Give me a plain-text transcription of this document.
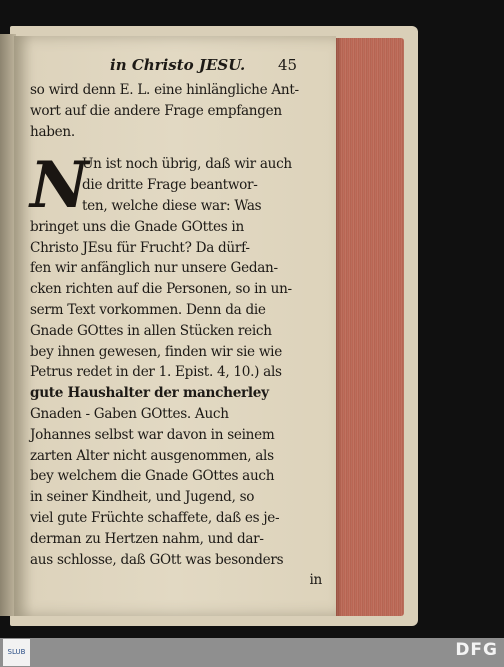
in Christo JESU. 45
so wird denn E. L. eine hinlängliche Ant-
wort auf die andere Frage empfangen
haben.
N
Un ist noch übrig, daß wir auch
die dritte Frage beantwor-
ten, welche diese war: Was
bringet uns die Gnade GOttes in
Christo JEsu für Frucht? Da dürf-
fen wir anfänglich nur unsere Gedan-
cken richten auf die Personen, so in un-
serm Text vorkommen. Denn da die
Gnade GOttes in allen Stücken reich
bey ihnen gewesen, finden wir sie wie
Petrus redet in der 1. Epist. 4, 10.) als
gute Haushalter der mancherley
Gnaden - Gaben GOttes. Auch
Johannes selbst war davon in seinem
zarten Alter nicht ausgenommen, als
bey welchem die Gnade GOttes auch
in seiner Kindheit, und Jugend, so
viel gute Früchte schaffete, daß es je-
derman zu Hertzen nahm, und dar-
aus schlosse, daß GOtt was besonders
in
SLUB	DFG
